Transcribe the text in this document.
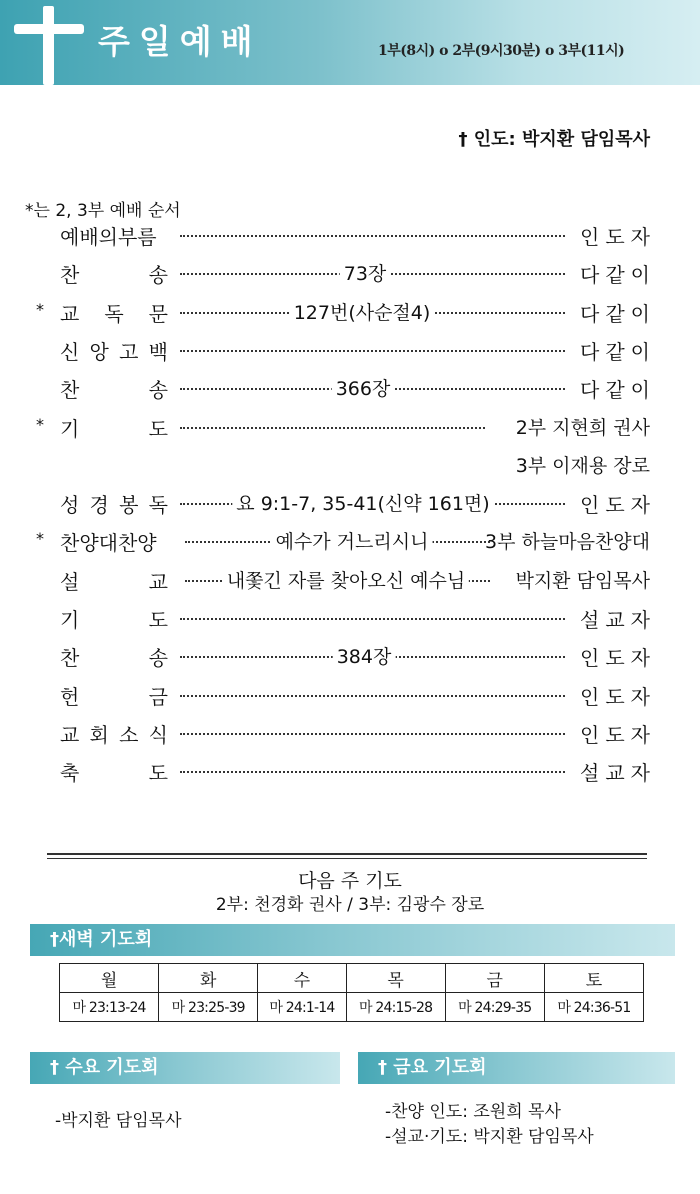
주일예배	1부(8시) ο 2부(9시30분) ο 3부(11시)
† 인도: 박지환 담임목사
*는 2, 3부 예배 순서
예배의부름	인도자
찬	송	73장	다같이
* 교 독 문	127번(사순절4)	다같이
신 앙 고 백	다같이
찬	송	366장	다같이
* 기	도	2부 지현희 권사
3부 이재용 장로
성 경 봉 독	요 9:1-7, 35-41(신약 161면)	인도자
* 찬양대찬양	예수가 거느리시니	3부 하늘마음찬양대
설	교	내쫓긴 자를 찾아오신 예수님	박지환 담임목사
기	도	설교자
찬	송	384장	인도자
헌	금	인도자
교 회 소 식	인도자
축	도	설교자
다음 주 기도
2부: 천경화 권사 / 3부: 김광수 장로
†새벽 기도회
월	화	수	목	금	토
마 23:13-24	마 23:25-39	마 24:1-14	마 24:15-28	마 24:29-35	마 24:36-51
† 수요 기도회
-박지환 담임목사
† 금요 기도회
-찬양 인도: 조원희 목사
-설교·기도: 박지환 담임목사
